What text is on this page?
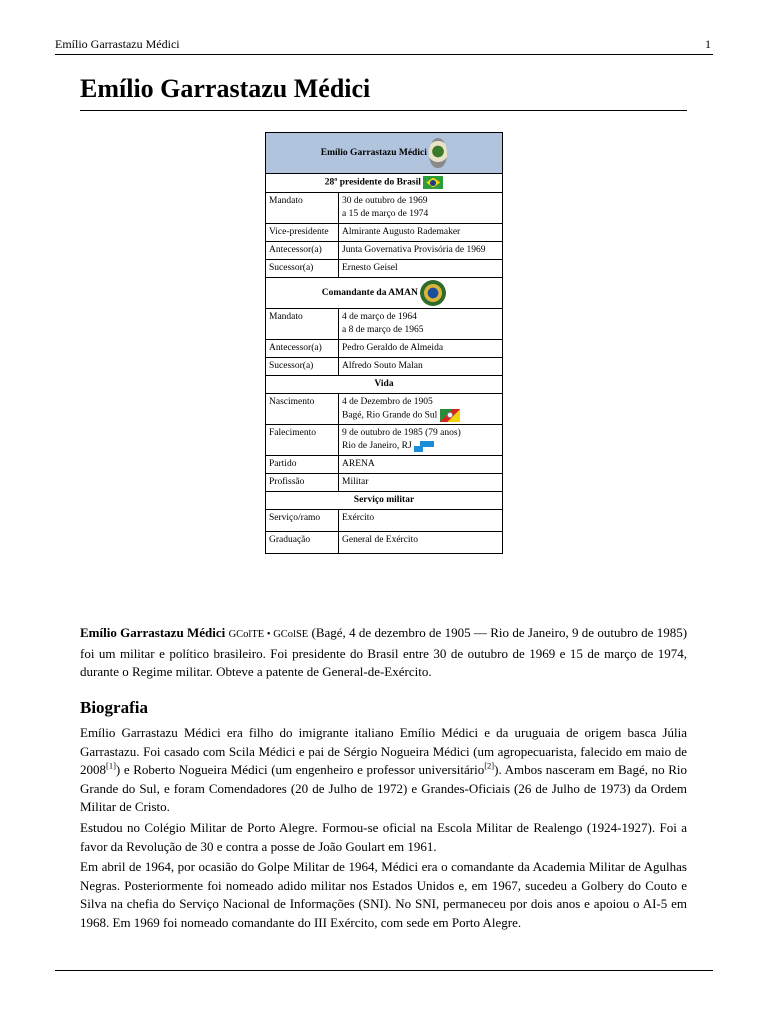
Emílio Garrastazu Médici	1
Emílio Garrastazu Médici
Emílio Garrastazu Médici	
28º presidente do Brasil	
Mandato	30 de outubro de 1969
a 15 de março de 1974
Vice-presidente	Almirante Augusto Rademaker
Antecessor(a)	Junta Governativa Provisória de 1969
Sucessor(a)	Ernesto Geisel
Comandante da AMAN	
Mandato	4 de março de 1964
a 8 de março de 1965
Antecessor(a)	Pedro Geraldo de Almeida
Sucessor(a)	Alfredo Souto Malan
Vida	
Nascimento	4 de Dezembro de 1905
Bagé, Rio Grande do Sul
Falecimento	9 de outubro de 1985 (79 anos)
Rio de Janeiro, RJ
Partido	ARENA
Profissão	Militar
Serviço militar	
Serviço/ramo	Exército
Graduação	General de Exército

Emílio Garrastazu Médici GColTE • GColSE (Bagé, 4 de dezembro de 1905 — Rio de Janeiro, 9 de outubro de 1985) foi um militar e político brasileiro. Foi presidente do Brasil entre 30 de outubro de 1969 e 15 de março de 1974, durante o Regime militar. Obteve a patente de General-de-Exército.

Biografia

Emílio Garrastazu Médici era filho do imigrante italiano Emílio Médici e da uruguaia de origem basca Júlia Garrastazu. Foi casado com Scila Médici e pai de Sérgio Nogueira Médici (um agropecuarista, falecido em maio de 2008[1]) e Roberto Nogueira Médici (um engenheiro e professor universitário[2]). Ambos nasceram em Bagé, no Rio Grande do Sul, e foram Comendadores (20 de Julho de 1972) e Grandes-Oficiais (26 de Julho de 1973) da Ordem Militar de Cristo.

Estudou no Colégio Militar de Porto Alegre. Formou-se oficial na Escola Militar de Realengo (1924-1927). Foi a favor da Revolução de 30 e contra a posse de João Goulart em 1961.

Em abril de 1964, por ocasião do Golpe Militar de 1964, Médici era o comandante da Academia Militar de Agulhas Negras. Posteriormente foi nomeado adido militar nos Estados Unidos e, em 1967, sucedeu a Golbery do Couto e Silva na chefia do Serviço Nacional de Informações (SNI). No SNI, permaneceu por dois anos e apoiou o AI-5 em 1968. Em 1969 foi nomeado comandante do III Exército, com sede em Porto Alegre.
